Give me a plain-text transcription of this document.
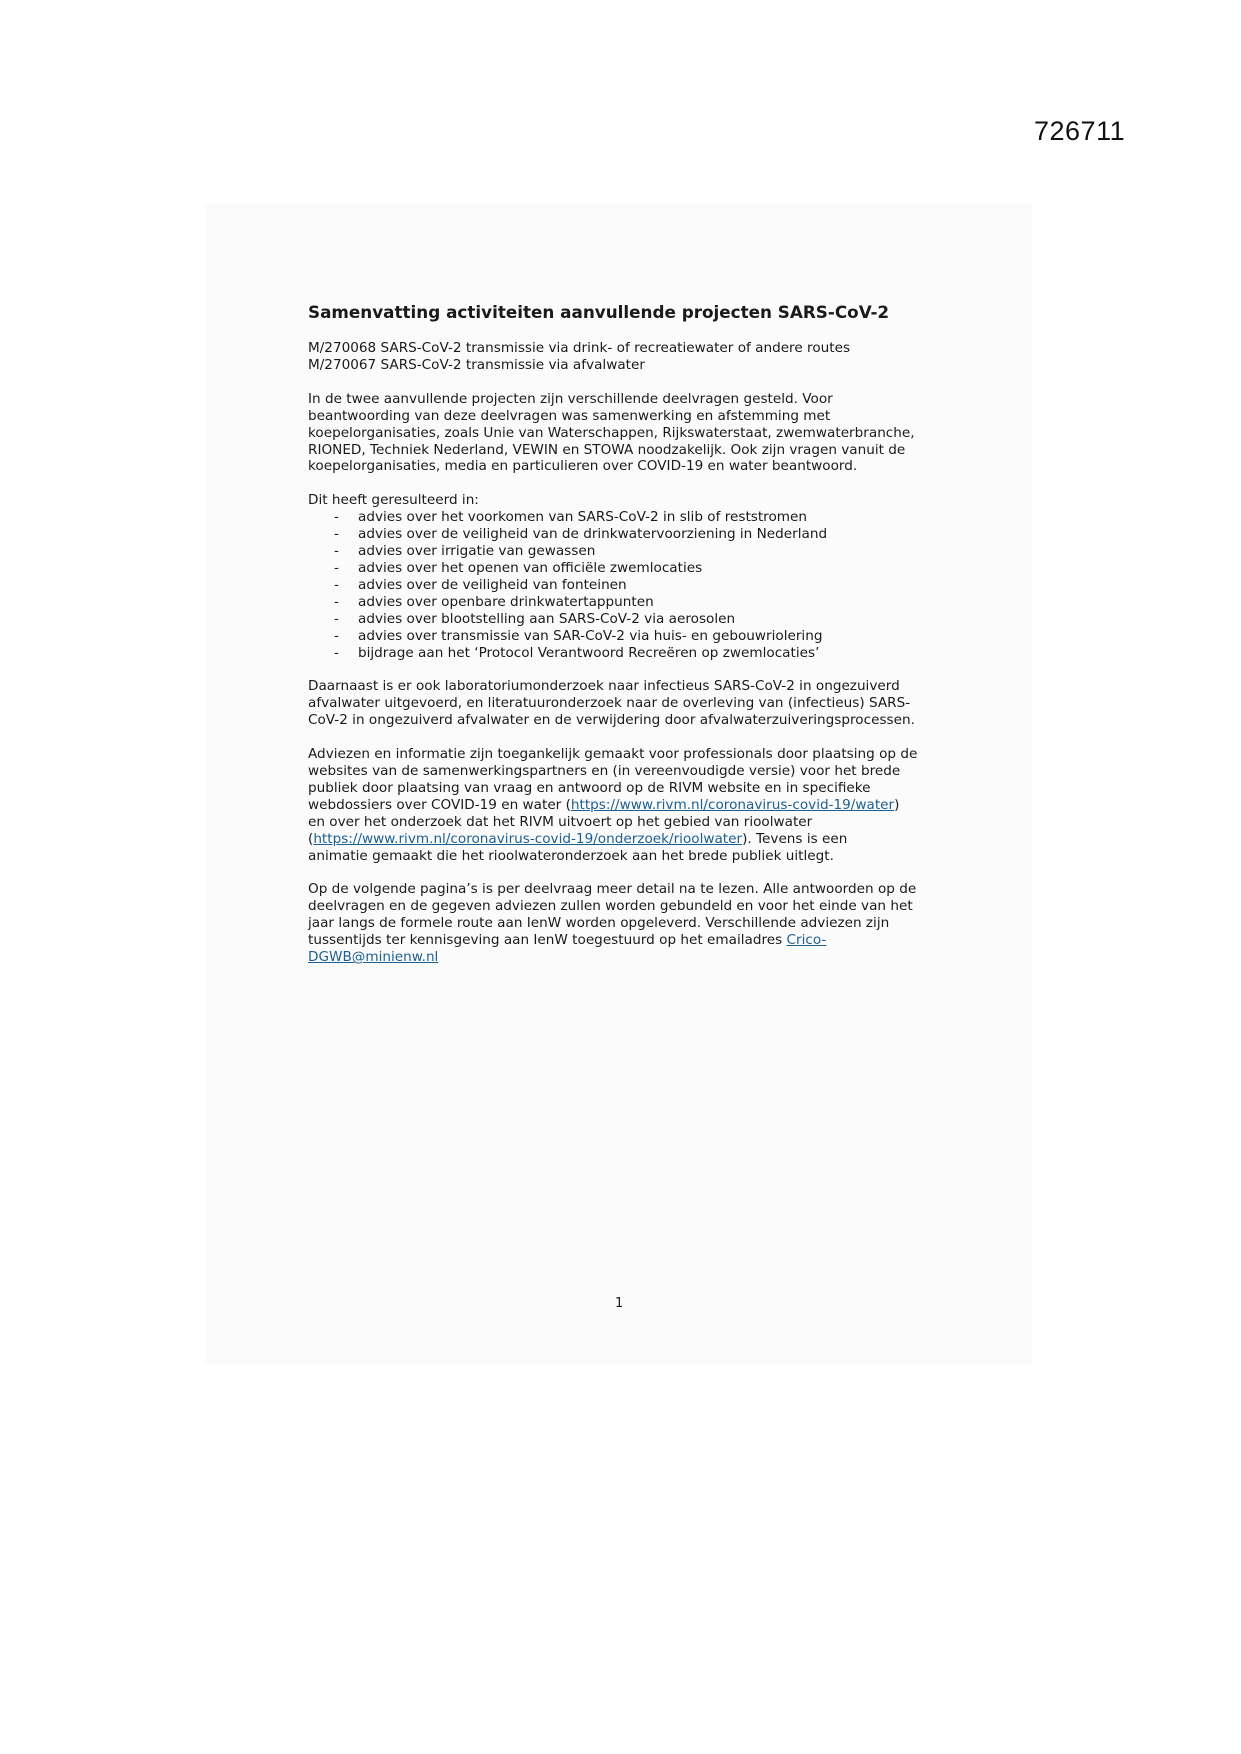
726711
Samenvatting activiteiten aanvullende projecten SARS-CoV-2
M/270068 SARS-CoV-2 transmissie via drink- of recreatiewater of andere routes
M/270067 SARS-CoV-2 transmissie via afvalwater
In de twee aanvullende projecten zijn verschillende deelvragen gesteld. Voor
beantwoording van deze deelvragen was samenwerking en afstemming met
koepelorganisaties, zoals Unie van Waterschappen, Rijkswaterstaat, zwemwaterbranche,
RIONED, Techniek Nederland, VEWIN en STOWA noodzakelijk. Ook zijn vragen vanuit de
koepelorganisaties, media en particulieren over COVID-19 en water beantwoord.
Dit heeft geresulteerd in:
- advies over het voorkomen van SARS-CoV-2 in slib of reststromen
- advies over de veiligheid van de drinkwatervoorziening in Nederland
- advies over irrigatie van gewassen
- advies over het openen van officiële zwemlocaties
- advies over de veiligheid van fonteinen
- advies over openbare drinkwatertappunten
- advies over blootstelling aan SARS-CoV-2 via aerosolen
- advies over transmissie van SAR-CoV-2 via huis- en gebouwriolering
- bijdrage aan het ‘Protocol Verantwoord Recreëren op zwemlocaties’
Daarnaast is er ook laboratoriumonderzoek naar infectieus SARS-CoV-2 in ongezuiverd
afvalwater uitgevoerd, en literatuuronderzoek naar de overleving van (infectieus) SARS-
CoV-2 in ongezuiverd afvalwater en de verwijdering door afvalwaterzuiveringsprocessen.
Adviezen en informatie zijn toegankelijk gemaakt voor professionals door plaatsing op de
websites van de samenwerkingspartners en (in vereenvoudigde versie) voor het brede
publiek door plaatsing van vraag en antwoord op de RIVM website en in specifieke
webdossiers over COVID-19 en water (https://www.rivm.nl/coronavirus-covid-19/water)
en over het onderzoek dat het RIVM uitvoert op het gebied van rioolwater
(https://www.rivm.nl/coronavirus-covid-19/onderzoek/rioolwater). Tevens is een
animatie gemaakt die het rioolwateronderzoek aan het brede publiek uitlegt.
Op de volgende pagina’s is per deelvraag meer detail na te lezen. Alle antwoorden op de
deelvragen en de gegeven adviezen zullen worden gebundeld en voor het einde van het
jaar langs de formele route aan IenW worden opgeleverd. Verschillende adviezen zijn
tussentijds ter kennisgeving aan IenW toegestuurd op het emailadres Crico-
DGWB@minienw.nl
1
